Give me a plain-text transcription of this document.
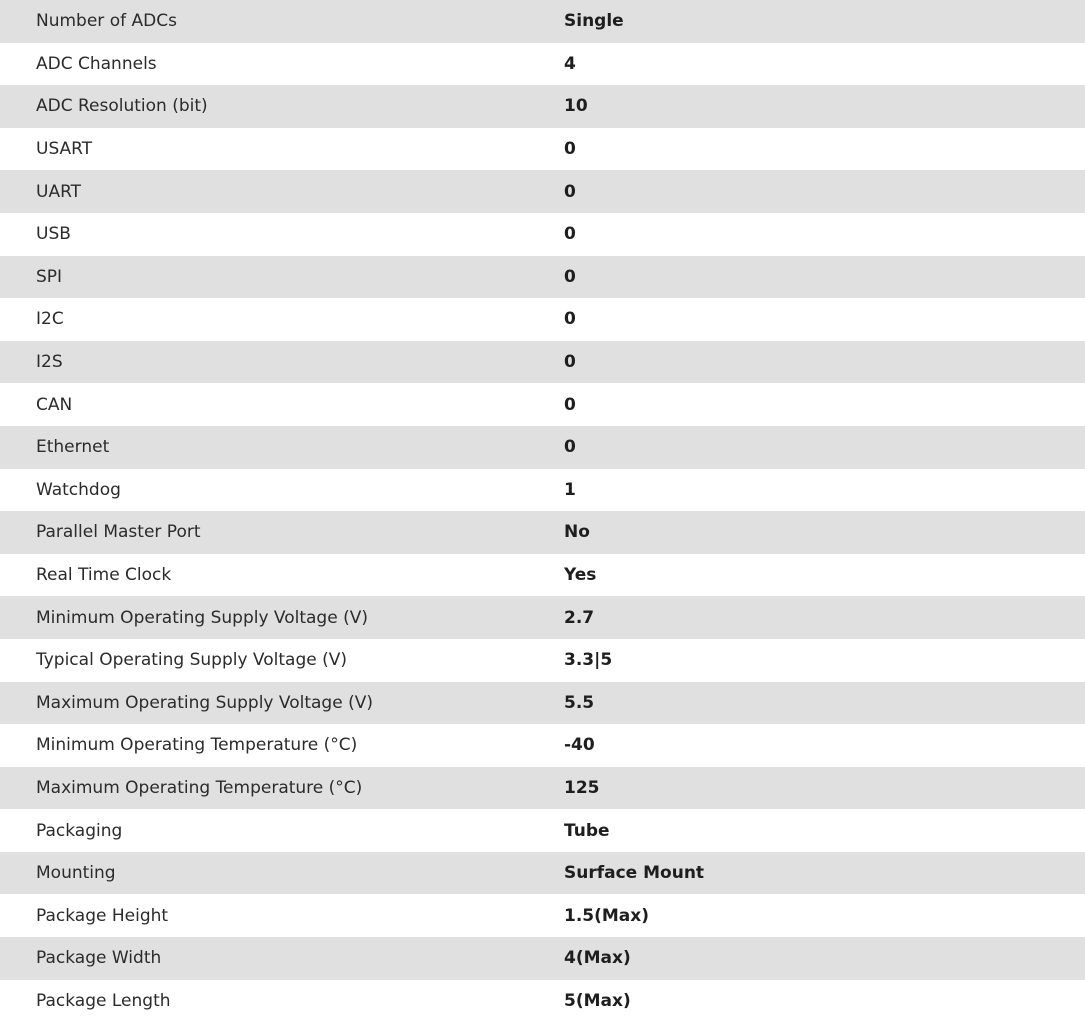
Number of ADCs	Single
ADC Channels	4
ADC Resolution (bit)	10
USART	0
UART	0
USB	0
SPI	0
I2C	0
I2S	0
CAN	0
Ethernet	0
Watchdog	1
Parallel Master Port	No
Real Time Clock	Yes
Minimum Operating Supply Voltage (V)	2.7
Typical Operating Supply Voltage (V)	3.3|5
Maximum Operating Supply Voltage (V)	5.5
Minimum Operating Temperature (°C)	-40
Maximum Operating Temperature (°C)	125
Packaging	Tube
Mounting	Surface Mount
Package Height	1.5(Max)
Package Width	4(Max)
Package Length	5(Max)
